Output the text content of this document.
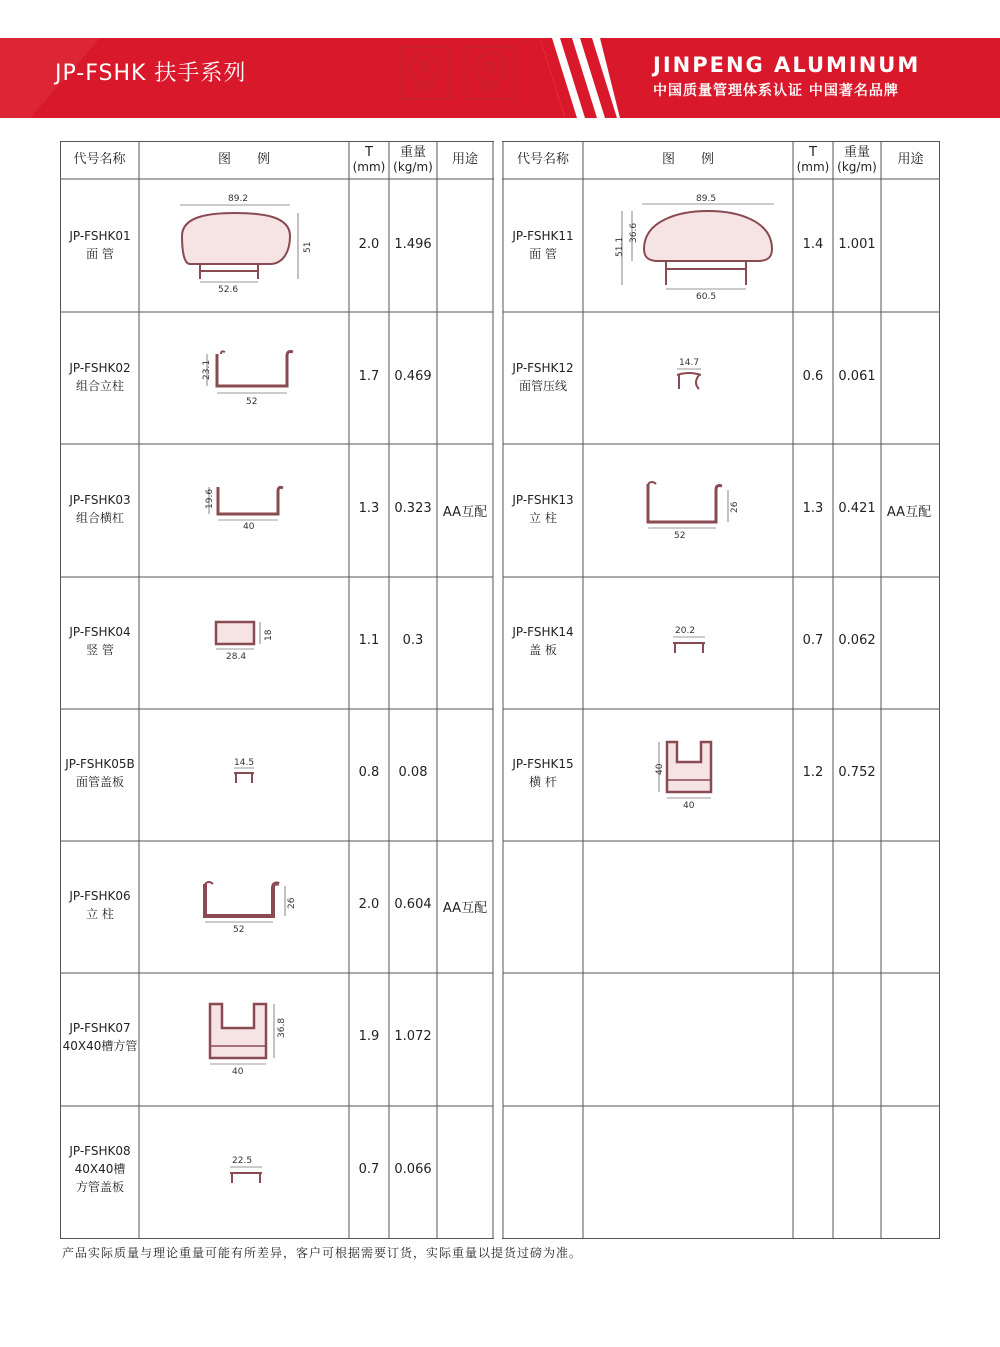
JP-FSHK 扶手系列	R
CQM
Q
CQM
JINPENG ALUMINUM
中国质量管理体系认证 中国著名品牌
代号名称	图　　例	T
(mm)
重量
(kg/m)	用途	代号名称	图　　例	T
(mm)
重量
(kg/m)	用途
JP-FSHK01
面 管
2.0	1.496
89.2
52.6
51
JP-FSHK02
组合立柱
1.7	0.469
23.1
52
JP-FSHK03
组合横杠
1.3	0.323 AA互配
19.6
40
JP-FSHK04
竖 管
1.1	0.3
18
28.4
JP-FSHK05B
面管盖板
0.8	0.08
14.5
JP-FSHK06
立 柱
2.0	0.604 AA互配
26
52
JP-FSHK07
40X40槽方管
1.9	1.072
36.8
40
JP-FSHK08
40X40槽
方管盖板
0.7	0.066
22.5
JP-FSHK11
面 管
1.4	1.001
89.5
36.6
51.1
60.5
JP-FSHK12
面管压线
0.6	0.061
14.7
JP-FSHK13
立 柱
1.3	0.421 AA互配
26
52
JP-FSHK14
盖 板
0.7	0.062
20.2
JP-FSHK15
横 杆
1.2	0.752
40
40
产品实际质量与理论重量可能有所差异，客户可根据需要订货，实际重量以提货过磅为准。
